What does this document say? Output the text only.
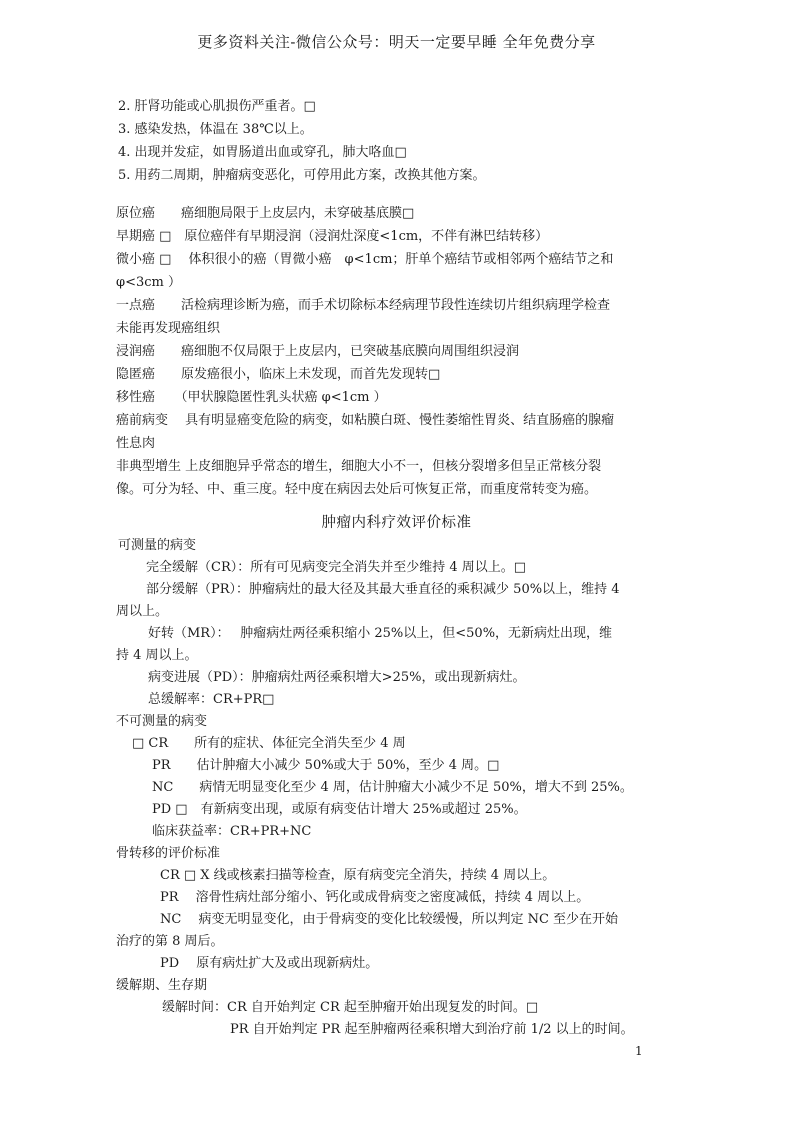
更多资料关注-微信公众号：明天一定要早睡 全年免费分享
2. 肝肾功能或心肌损伤严重者。□
3. 感染发热，体温在 38℃以上。
4. 出现并发症，如胃肠道出血或穿孔，肺大咯血□
5. 用药二周期，肿瘤病变恶化，可停用此方案，改换其他方案。
原位癌　　癌细胞局限于上皮层内，未穿破基底膜□
早期癌 □　原位癌伴有早期浸润（浸润灶深度<1cm，不伴有淋巴结转移）
微小癌 □　 体积很小的癌（胃微小癌　φ<1cm；肝单个癌结节或相邻两个癌结节之和
φ<3cm ）
一点癌　　活检病理诊断为癌，而手术切除标本经病理节段性连续切片组织病理学检查
未能再发现癌组织
浸润癌　　癌细胞不仅局限于上皮层内，已突破基底膜向周围组织浸润
隐匿癌　　原发癌很小，临床上未发现，而首先发现转□
移性癌　　（甲状腺隐匿性乳头状癌 φ<1cm ）
癌前病变　 具有明显癌变危险的病变，如粘膜白斑、慢性萎缩性胃炎、结直肠癌的腺瘤
性息肉
非典型增生 上皮细胞异乎常态的增生，细胞大小不一，但核分裂增多但呈正常核分裂
像。可分为轻、中、重三度。轻中度在病因去处后可恢复正常，而重度常转变为癌。
肿瘤内科疗效评价标准
可测量的病变
完全缓解（CR）：所有可见病变完全消失并至少维持 4 周以上。□
部分缓解（PR）：肿瘤病灶的最大径及其最大垂直径的乘积减少 50%以上，维持 4
周以上。
好转（MR）：　 肿瘤病灶两径乘积缩小 25%以上，但<50%，无新病灶出现，维
持 4 周以上。
病变进展（PD）：肿瘤病灶两径乘积增大>25%，或出现新病灶。
总缓解率：CR+PR□
不可测量的病变
□ CR　　所有的症状、体征完全消失至少 4 周
PR　　估计肿瘤大小减少 50%或大于 50%，至少 4 周。□
NC　　病情无明显变化至少 4 周，估计肿瘤大小减少不足 50%，增大不到 25%。
PD □　有新病变出现，或原有病变估计增大 25%或超过 25%。
临床获益率：CR+PR+NC
骨转移的评价标准
CR □ X 线或核素扫描等检查，原有病变完全消失，持续 4 周以上。
PR　 溶骨性病灶部分缩小、钙化或成骨病变之密度减低，持续 4 周以上。
NC　 病变无明显变化，由于骨病变的变化比较缓慢，所以判定 NC 至少在开始
治疗的第 8 周后。
PD　 原有病灶扩大及或出现新病灶。
缓解期、生存期
缓解时间：CR 自开始判定 CR 起至肿瘤开始出现复发的时间。□
PR 自开始判定 PR 起至肿瘤两径乘积增大到治疗前 1/2 以上的时间。
1
